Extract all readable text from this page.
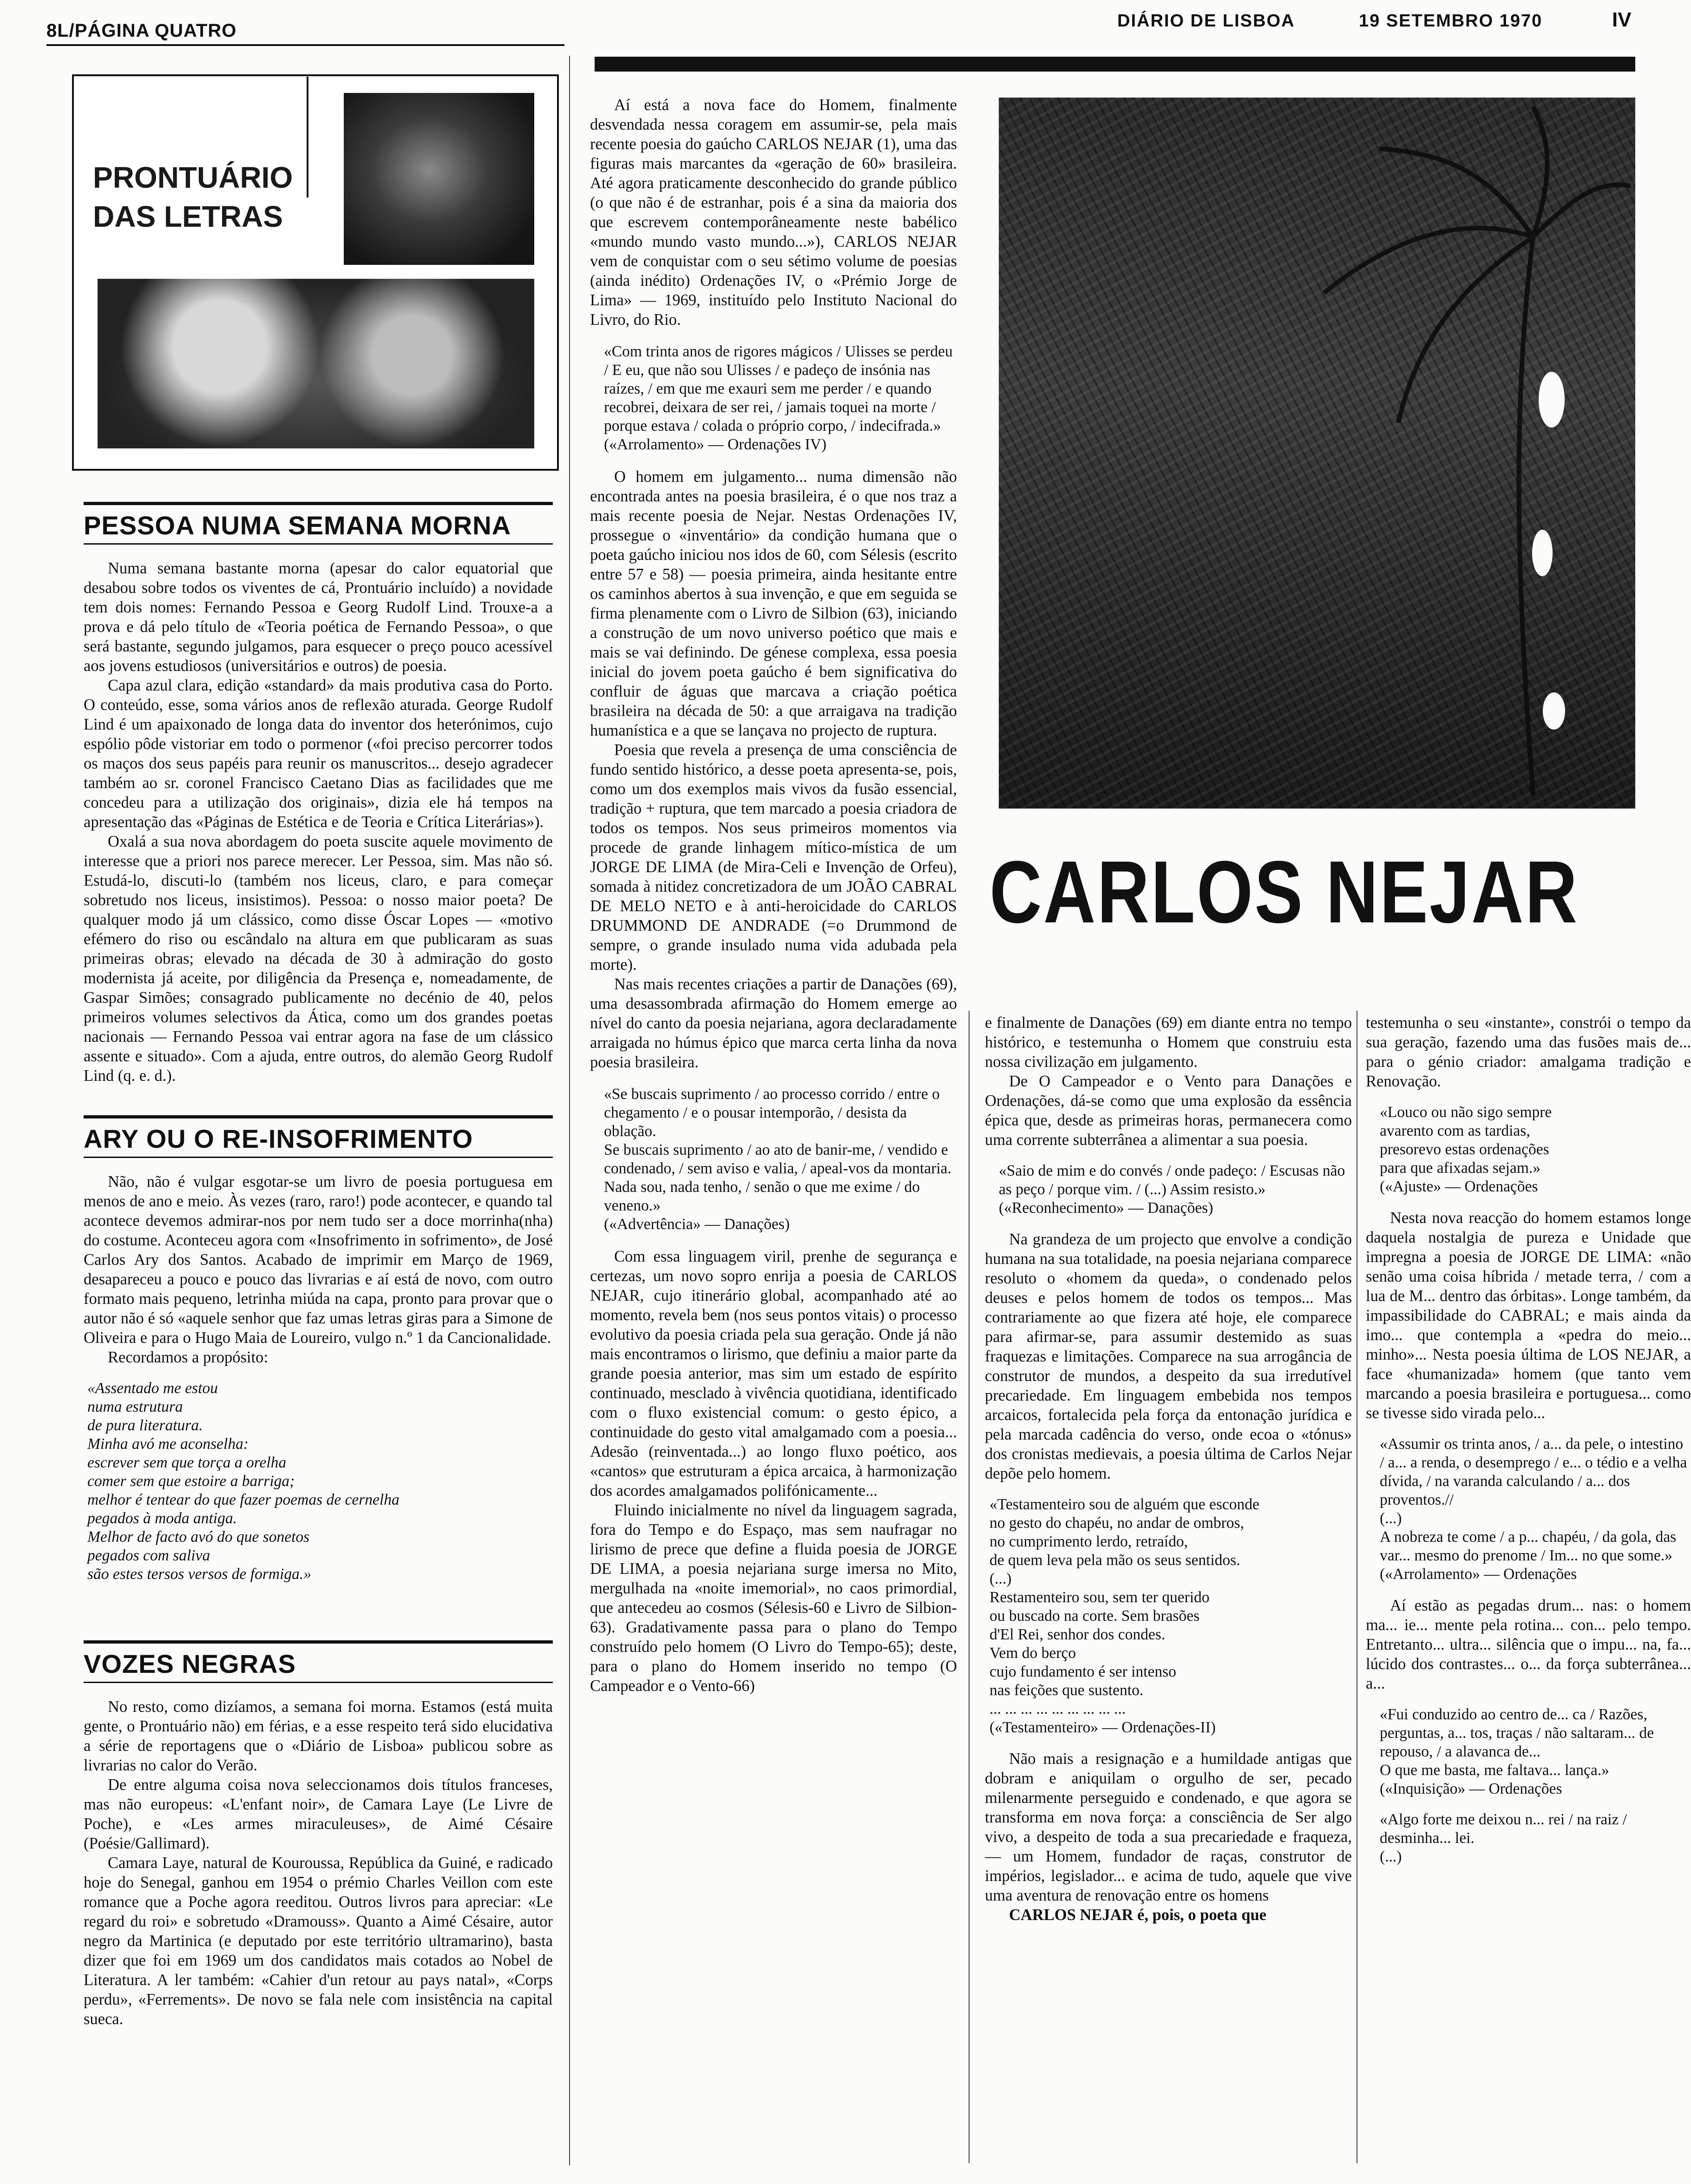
8L/PÁGINA QUATRO	DIÁRIO DE LISBOA	19 SETEMBRO 1970	IV
PRONTUÁRIO DAS LETRAS
PESSOA NUMA SEMANA MORNA

Numa semana bastante morna (apesar do calor equatorial que desabou sobre todos os viventes de cá, Prontuário incluído) a novidade tem dois nomes: Fernando Pessoa e Georg Rudolf Lind. Trouxe-a a prova e dá pelo título de «Teoria poética de Fernando Pessoa», o que será bastante, segundo julgamos, para esquecer o preço pouco acessível aos jovens estudiosos (universitários e outros) de poesia.

Capa azul clara, edição «standard» da mais produtiva casa do Porto. O conteúdo, esse, soma vários anos de reflexão aturada. George Rudolf Lind é um apaixonado de longa data do inventor dos heterónimos, cujo espólio pôde vistoriar em todo o pormenor («foi preciso percorrer todos os maços dos seus papéis para reunir os manuscritos... desejo agradecer também ao sr. coronel Francisco Caetano Dias as facilidades que me concedeu para a utilização dos originais», dizia ele há tempos na apresentação das «Páginas de Estética e de Teoria e Crítica Literárias»).

Oxalá a sua nova abordagem do poeta suscite aquele movimento de interesse que a priori nos parece merecer. Ler Pessoa, sim. Mas não só. Estudá-lo, discuti-lo (também nos liceus, claro, e para começar sobretudo nos liceus, insistimos). Pessoa: o nosso maior poeta? De qualquer modo já um clássico, como disse Óscar Lopes — «motivo efémero do riso ou escândalo na altura em que publicaram as suas primeiras obras; elevado na década de 30 à admiração do gosto modernista já aceite, por diligência da Presença e, nomeadamente, de Gaspar Simões; consagrado publicamente no decénio de 40, pelos primeiros volumes selectivos da Ática, como um dos grandes poetas nacionais — Fernando Pessoa vai entrar agora na fase de um clássico assente e situado». Com a ajuda, entre outros, do alemão Georg Rudolf Lind (q. e. d.).

ARY OU O RE-INSOFRIMENTO

Não, não é vulgar esgotar-se um livro de poesia portuguesa em menos de ano e meio. Às vezes (raro, raro!) pode acontecer, e quando tal acontece devemos admirar-nos por nem tudo ser a doce morrinha(nha) do costume. Aconteceu agora com «Insofrimento in sofrimento», de José Carlos Ary dos Santos. Acabado de imprimir em Março de 1969, desapareceu a pouco e pouco das livrarias e aí está de novo, com outro formato mais pequeno, letrinha miúda na capa, pronto para provar que o autor não é só «aquele senhor que faz umas letras giras para a Simone de Oliveira e para o Hugo Maia de Loureiro, vulgo n.º 1 da Cancionalidade.

Recordamos a propósito:

«Assentado me estou
numa estrutura
de pura literatura.
Minha avó me aconselha:
escrever sem que torça a orelha
comer sem que estoire a barriga;
melhor é tentear do que fazer poemas de cernelha
pegados à moda antiga.
Melhor de facto avó do que sonetos
pegados com saliva
são estes tersos versos de formiga.»

VOZES NEGRAS

No resto, como dizíamos, a semana foi morna. Estamos (está muita gente, o Prontuário não) em férias, e a esse respeito terá sido elucidativa a série de reportagens que o «Diário de Lisboa» publicou sobre as livrarias no calor do Verão.

De entre alguma coisa nova seleccionamos dois títulos franceses, mas não europeus: «L'enfant noir», de Camara Laye (Le Livre de Poche), e «Les armes miraculeuses», de Aimé Césaire (Poésie/Gallimard).

Camara Laye, natural de Kouroussa, República da Guiné, e radicado hoje do Senegal, ganhou em 1954 o prémio Charles Veillon com este romance que a Poche agora reeditou. Outros livros para apreciar: «Le regard du roi» e sobretudo «Dramouss». Quanto a Aimé Césaire, autor negro da Martinica (e deputado por este território ultramarino), basta dizer que foi em 1969 um dos candidatos mais cotados ao Nobel de Literatura. A ler também: «Cahier d'un retour au pays natal», «Corps perdu», «Ferrements». De novo se fala nele com insistência na capital sueca.

Aí está a nova face do Homem, finalmente desvendada nessa coragem em assumir-se, pela mais recente poesia do gaúcho CARLOS NEJAR (1), uma das figuras mais marcantes da «geração de 60» brasileira. Até agora praticamente desconhecido do grande público (o que não é de estranhar, pois é a sina da maioria dos que escrevem contemporâneamente neste babélico «mundo mundo vasto mundo...»), CARLOS NEJAR vem de conquistar com o seu sétimo volume de poesias (ainda inédito) Ordenações IV, o «Prémio Jorge de Lima» — 1969, instituído pelo Instituto Nacional do Livro, do Rio.

«Com trinta anos de rigores mágicos / Ulisses se perdeu / E eu, que não sou Ulisses / e padeço de insónia nas raízes, / em que me exauri sem me perder / e quando recobrei, deixara de ser rei, / jamais toquei na morte / porque estava / colada o próprio corpo, / indecifrada.»
(«Arrolamento» — Ordenações IV)

O homem em julgamento... numa dimensão não encontrada antes na poesia brasileira, é o que nos traz a mais recente poesia de Nejar. Nestas Ordenações IV, prossegue o «inventário» da condição humana que o poeta gaúcho iniciou nos idos de 60, com Sélesis (escrito entre 57 e 58) — poesia primeira, ainda hesitante entre os caminhos abertos à sua invenção, e que em seguida se firma plenamente com o Livro de Silbion (63), iniciando a construção de um novo universo poético que mais e mais se vai definindo. De génese complexa, essa poesia inicial do jovem poeta gaúcho é bem significativa do confluir de águas que marcava a criação poética brasileira na década de 50: a que arraigava na tradição humanística e a que se lançava no projecto de ruptura.

Poesia que revela a presença de uma consciência de fundo sentido histórico, a desse poeta apresenta-se, pois, como um dos exemplos mais vivos da fusão essencial, tradição + ruptura, que tem marcado a poesia criadora de todos os tempos. Nos seus primeiros momentos via procede de grande linhagem mítico-mística de um JORGE DE LIMA (de Mira-Celi e Invenção de Orfeu), somada à nitidez concretizadora de um JOÃO CABRAL DE MELO NETO e à anti-heroicidade do CARLOS DRUMMOND DE ANDRADE (=o Drummond de sempre, o grande insulado numa vida adubada pela morte).

Nas mais recentes criações a partir de Danações (69), uma desassombrada afirmação do Homem emerge ao nível do canto da poesia nejariana, agora declaradamente arraigada no húmus épico que marca certa linha da nova poesia brasileira.

«Se buscais suprimento / ao processo corrido / entre o chegamento / e o pousar intemporão, / desista da oblação.
Se buscais suprimento / ao ato de banir-me, / vendido e condenado, / sem aviso e valia, / apeal-vos da montaria.
Nada sou, nada tenho, / senão o que me exime / do veneno.»
(«Advertência» — Danações)

Com essa linguagem viril, prenhe de segurança e certezas, um novo sopro enrija a poesia de CARLOS NEJAR, cujo itinerário global, acompanhado até ao momento, revela bem (nos seus pontos vitais) o processo evolutivo da poesia criada pela sua geração. Onde já não mais encontramos o lirismo, que definiu a maior parte da grande poesia anterior, mas sim um estado de espírito continuado, mesclado à vivência quotidiana, identificado com o fluxo existencial comum: o gesto épico, a continuidade do gesto vital amalgamado com a poesia... Adesão (reinventada...) ao longo fluxo poético, aos «cantos» que estruturam a épica arcaica, à harmonização dos acordes amalgamados polifónicamente...

Fluindo inicialmente no nível da linguagem sagrada, fora do Tempo e do Espaço, mas sem naufragar no lirismo de prece que define a fluida poesia de JORGE DE LIMA, a poesia nejariana surge imersa no Mito, mergulhada na «noite imemorial», no caos primordial, que antecedeu ao cosmos (Sélesis-60 e Livro de Silbion-63). Gradativamente passa para o plano do Tempo construído pelo homem (O Livro do Tempo-65); deste, para o plano do Homem inserido no tempo (O Campeador e o Vento-66)

CARLOS NEJAR

e finalmente de Danações (69) em diante entra no tempo histórico, e testemunha o Homem que construiu esta nossa civilização em julgamento.

De O Campeador e o Vento para Danações e Ordenações, dá-se como que uma explosão da essência épica que, desde as primeiras horas, permanecera como uma corrente subterrânea a alimentar a sua poesia.

«Saio de mim e do convés / onde padeço: / Escusas não as peço / porque vim. / (...) Assim resisto.»
(«Reconhecimento» — Danações)

Na grandeza de um projecto que envolve a condição humana na sua totalidade, na poesia nejariana comparece resoluto o «homem da queda», o condenado pelos deuses e pelos homem de todos os tempos... Mas contrariamente ao que fizera até hoje, ele comparece para afirmar-se, para assumir destemido as suas fraquezas e limitações. Comparece na sua arrogância de construtor de mundos, a despeito da sua irredutível precariedade. Em linguagem embebida nos tempos arcaicos, fortalecida pela força da entonação jurídica e pela marcada cadência do verso, onde ecoa o «tónus» dos cronistas medievais, a poesia última de Carlos Nejar depõe pelo homem.

«Testamenteiro sou de alguém que esconde
no gesto do chapéu, no andar de ombros,
no cumprimento lerdo, retraído,
de quem leva pela mão os seus sentidos.
(...)
Restamenteiro sou, sem ter querido
ou buscado na corte. Sem brasões
d'El Rei, senhor dos condes.
Vem do berço
cujo fundamento é ser intenso
nas feições que sustento.
... ... ... ... ... ... ... ... ...
(«Testamenteiro» — Ordenações-II)

Não mais a resignação e a humildade antigas que dobram e aniquilam o orgulho de ser, pecado milenarmente perseguido e condenado, e que agora se transforma em nova força: a consciência de Ser algo vivo, a despeito de toda a sua precariedade e fraqueza, — um Homem, fundador de raças, construtor de impérios, legislador... e acima de tudo, aquele que vive uma aventura de renovação entre os homens

CARLOS NEJAR é, pois, o poeta que

testemunha o seu «instante», constrói o tempo da sua geração, fazendo uma das fusões mais de... para o génio criador: amalgama tradição e Renovação.

«Louco ou não sigo sempre
avarento com as tardias,
presorevo estas ordenações
para que afixadas sejam.»
(«Ajuste» — Ordenações

Nesta nova reacção do homem estamos longe daquela nostalgia de pureza e Unidade que impregna a poesia de JORGE DE LIMA: «não senão uma coisa híbrida / metade terra, / com a lua de M... dentro das órbitas». Longe também, da impassibilidade do CABRAL; e mais ainda da imo... que contempla a «pedra do meio... minho»... Nesta poesia última de LOS NEJAR, a face «humanizada» homem (que tanto vem marcando a poesia brasileira e portuguesa... como se tivesse sido virada pelo...

«Assumir os trinta anos, / a... da pele, o intestino / a... a renda, o desemprego / e... o tédio e a velha dívida, / na varanda calculando / a... dos proventos.//
(...)
A nobreza te come / a p... chapéu, / da gola, das var... mesmo do prenome / Im... no que some.»
(«Arrolamento» — Ordenações

Aí estão as pegadas drum... nas: o homem ma... ie... mente pela rotina... con... pelo tempo. Entretanto... ultra... silência que o impu... na, fa... lúcido dos contrastes... o... da força subterrânea... a...

«Fui conduzido ao centro de... ca / Razões, perguntas, a... tos, traças / não saltaram... de repouso, / a alavanca de...
O que me basta, me faltava... lança.»
(«Inquisição» — Ordenações

«Algo forte me deixou n... rei / na raiz / desminha... lei.
(...)
